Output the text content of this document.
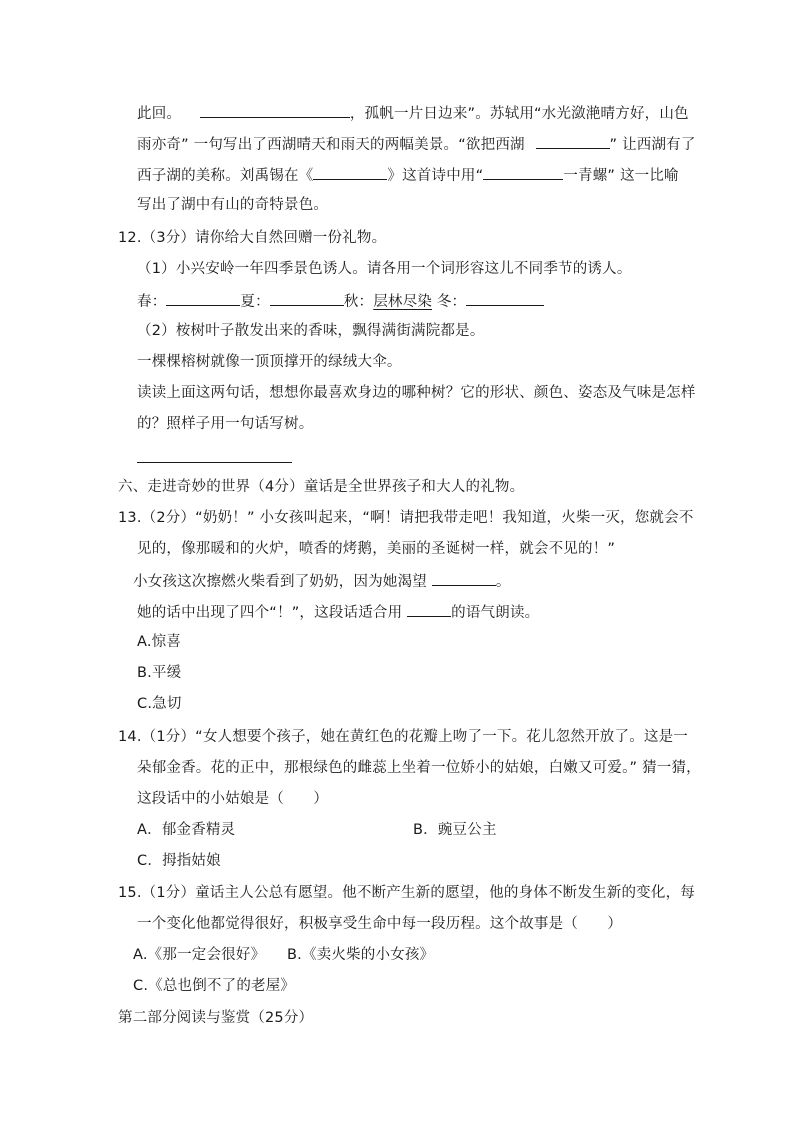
此回。	，孤帆一片日边来”。苏轼用“水光潋滟晴方好，山色
雨亦奇” 一句写出了西湖晴天和雨天的两幅美景。“欲把西湖	” 让西湖有了
西子湖的美称。刘禹锡在《	》这首诗中用“	一青螺” 这一比喻
写出了湖中有山的奇特景色。
12.（3分）请你给大自然回赠一份礼物。
（1）小兴安岭一年四季景色诱人。请各用一个词形容这儿不同季节的诱人。
春：	夏：	秋：层林尽染 冬：
（2）桉树叶子散发出来的香味，飘得满街满院都是。
一棵棵榕树就像一顶顶撑开的绿绒大伞。
读读上面这两句话，想想你最喜欢身边的哪种树？它的形状、颜色、姿态及气味是怎样
的？照样子用一句话写树。
六、走进奇妙的世界（4分）童话是全世界孩子和大人的礼物。
13.（2分）“奶奶！” 小女孩叫起来，“啊！请把我带走吧！我知道，火柴一灭，您就会不
见的，像那暖和的火炉，喷香的烤鹅，美丽的圣诞树一样，就会不见的！”
小女孩这次擦燃火柴看到了奶奶，因为她渴望	。
她的话中出现了四个“！”，这段话适合用	的语气朗读。
A.惊喜
B.平缓
C.急切
14.（1分）“女人想要个孩子，她在黄红色的花瓣上吻了一下。花儿忽然开放了。这是一
朵郁金香。花的正中，那根绿色的雌蕊上坐着一位娇小的姑娘，白嫩又可爱。” 猜一猜，
这段话中的小姑娘是（　　）
A．郁金香精灵	B．豌豆公主
C．拇指姑娘
15.（1分）童话主人公总有愿望。他不断产生新的愿望，他的身体不断发生新的变化，每
一个变化他都觉得很好，积极享受生命中每一段历程。这个故事是（　　）
A.《那一定会很好》 B.《卖火柴的小女孩》
C.《总也倒不了的老屋》
第二部分阅读与鉴赏（25分）
